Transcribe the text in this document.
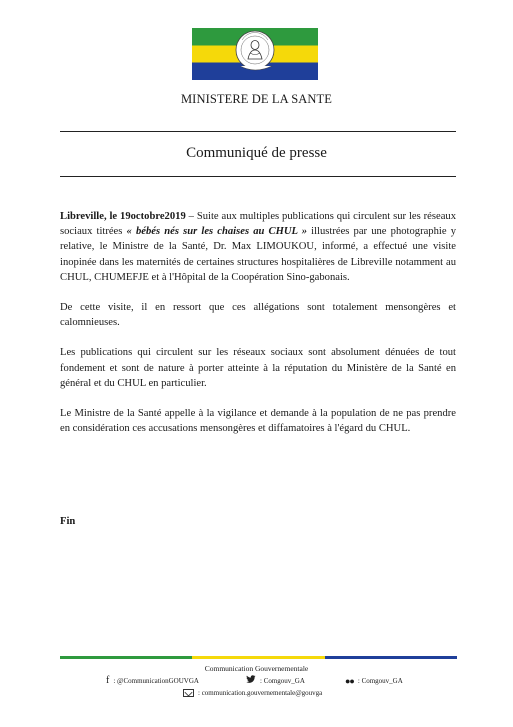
MINISTERE DE LA SANTE
Communiqué de presse

Libreville, le 19octobre2019 – Suite aux multiples publications qui circulent sur les réseaux sociaux titrées « bébés nés sur les chaises au CHUL » illustrées par une photographie y relative, le Ministre de la Santé, Dr. Max LIMOUKOU, informé, a effectué une visite inopinée dans les maternités de certaines structures hospitalières de Libreville notamment au CHUL, CHUMEFJE et à l'Hôpital de la Coopération Sino-gabonais.

De cette visite, il en ressort que ces allégations sont totalement mensongères et calomnieuses.

Les publications qui circulent sur les réseaux sociaux sont absolument dénuées de tout fondement et sont de nature à porter atteinte à la réputation du Ministère de la Santé en général et du CHUL en particulier.

Le Ministre de la Santé appelle à la vigilance et demande à la population de ne pas prendre en considération ces accusations mensongères et diffamatoires à l'égard du CHUL.

Fin
Communication Gouvernementale
f : @CommunicationGOUVGA	: Comgouv_GA	●● : Comgouv_GA
: communication.gouvernementale@gouvga
